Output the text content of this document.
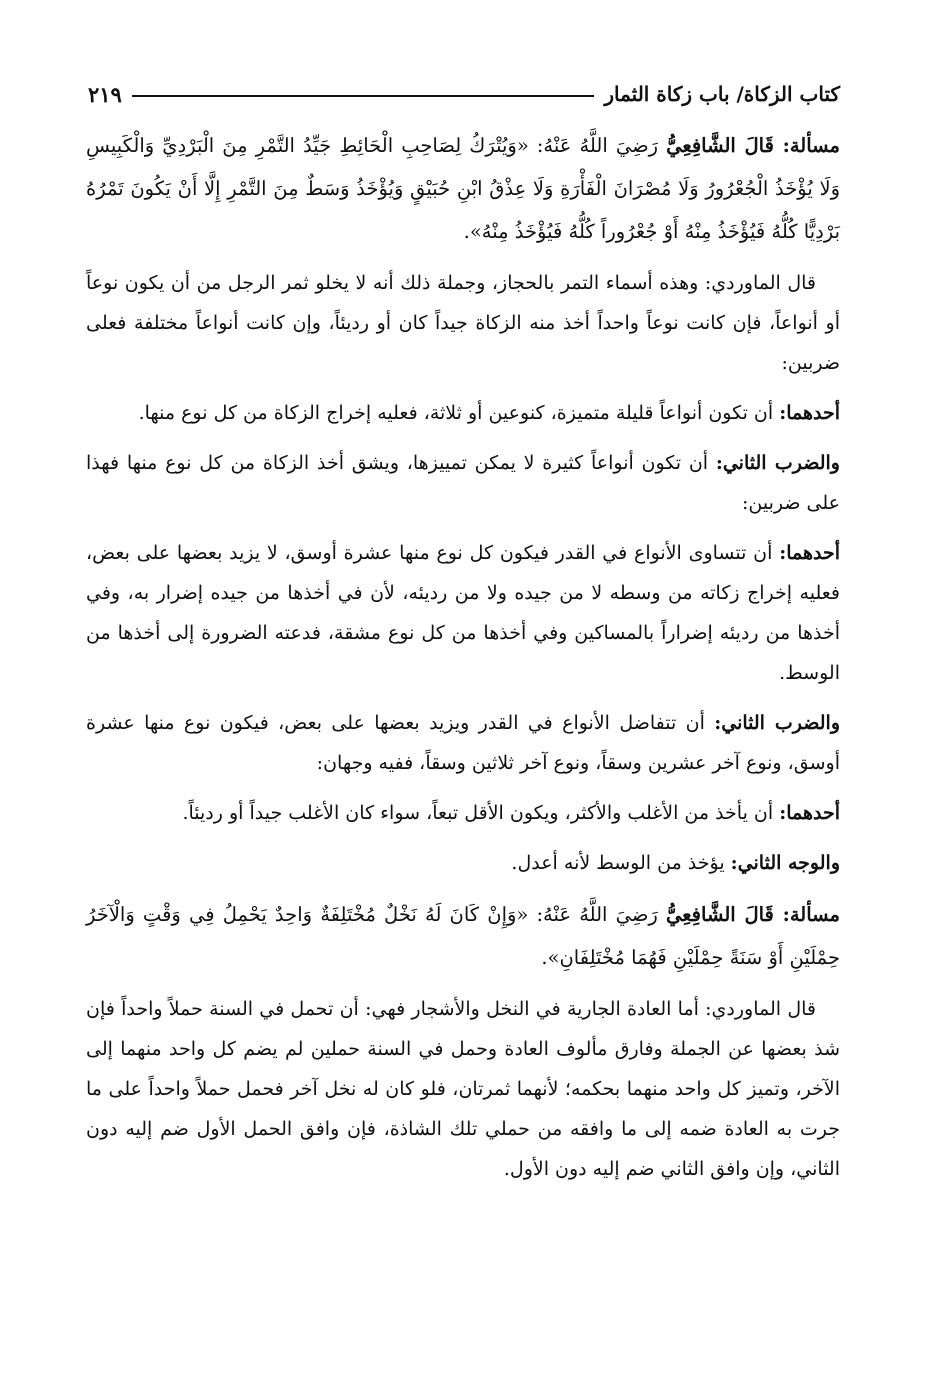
كتاب الزكاة/ باب زكاة الثمار
٢١٩

مسألة: قَالَ الشَّافِعِيُّ رَضِيَ اللَّهُ عَنْهُ: «وَيُتْرَكُ لِصَاحِبِ الْحَائِطِ جَيِّدُ التَّمْرِ مِنَ الْبَرْدِيِّ وَالْكَبِيسِ وَلَا يُؤْخَذُ الْجُعْرُورُ وَلَا مُصْرَانَ الْفَأْرَةِ وَلَا عِذْقُ ابْنِ حُبَيْقٍ وَيُؤْخَذُ وَسَطٌ مِنَ التَّمْرِ إِلَّا أَنْ يَكُونَ تَمْرُهُ بَرْدِيًّا كُلُّهُ فَيُؤْخَذُ مِنْهُ أَوْ جُعْرُوراً كُلُّهُ فَيُؤْخَذُ مِنْهُ».

قال الماوردي: وهذه أسماء التمر بالحجاز، وجملة ذلك أنه لا يخلو ثمر الرجل من أن يكون نوعاً أو أنواعاً، فإن كانت نوعاً واحداً أخذ منه الزكاة جيداً كان أو رديئاً، وإن كانت أنواعاً مختلفة فعلى ضربين:

أحدهما: أن تكون أنواعاً قليلة متميزة، كنوعين أو ثلاثة، فعليه إخراج الزكاة من كل نوع منها.

والضرب الثاني: أن تكون أنواعاً كثيرة لا يمكن تمييزها، ويشق أخذ الزكاة من كل نوع منها فهذا على ضربين:

أحدهما: أن تتساوى الأنواع في القدر فيكون كل نوع منها عشرة أوسق، لا يزيد بعضها على بعض، فعليه إخراج زكاته من وسطه لا من جيده ولا من رديئه، لأن في أخذها من جيده إضرار به، وفي أخذها من رديئه إضراراً بالمساكين وفي أخذها من كل نوع مشقة، فدعته الضرورة إلى أخذها من الوسط.

والضرب الثاني: أن تتفاضل الأنواع في القدر ويزيد بعضها على بعض، فيكون نوع منها عشرة أوسق، ونوع آخر عشرين وسقاً، ونوع آخر ثلاثين وسقاً، ففيه وجهان:

أحدهما: أن يأخذ من الأغلب والأكثر، ويكون الأقل تبعاً، سواء كان الأغلب جيداً أو رديئاً.

والوجه الثاني: يؤخذ من الوسط لأنه أعدل.

مسألة: قَالَ الشَّافِعِيُّ رَضِيَ اللَّهُ عَنْهُ: «وَإِنْ كَانَ لَهُ نَخْلٌ مُخْتَلِفَةٌ وَاحِدٌ يَحْمِلُ فِي وَقْتٍ وَالْآخَرُ حِمْلَيْنِ أَوْ سَنَةً حِمْلَيْنِ فَهُمَا مُخْتَلِفَانِ».

قال الماوردي: أما العادة الجارية في النخل والأشجار فهي: أن تحمل في السنة حملاً واحداً فإن شذ بعضها عن الجملة وفارق مألوف العادة وحمل في السنة حملين لم يضم كل واحد منهما إلى الآخر، وتميز كل واحد منهما بحكمه؛ لأنهما ثمرتان، فلو كان له نخل آخر فحمل حملاً واحداً على ما جرت به العادة ضمه إلى ما وافقه من حملي تلك الشاذة، فإن وافق الحمل الأول ضم إليه دون الثاني، وإن وافق الثاني ضم إليه دون الأول.
